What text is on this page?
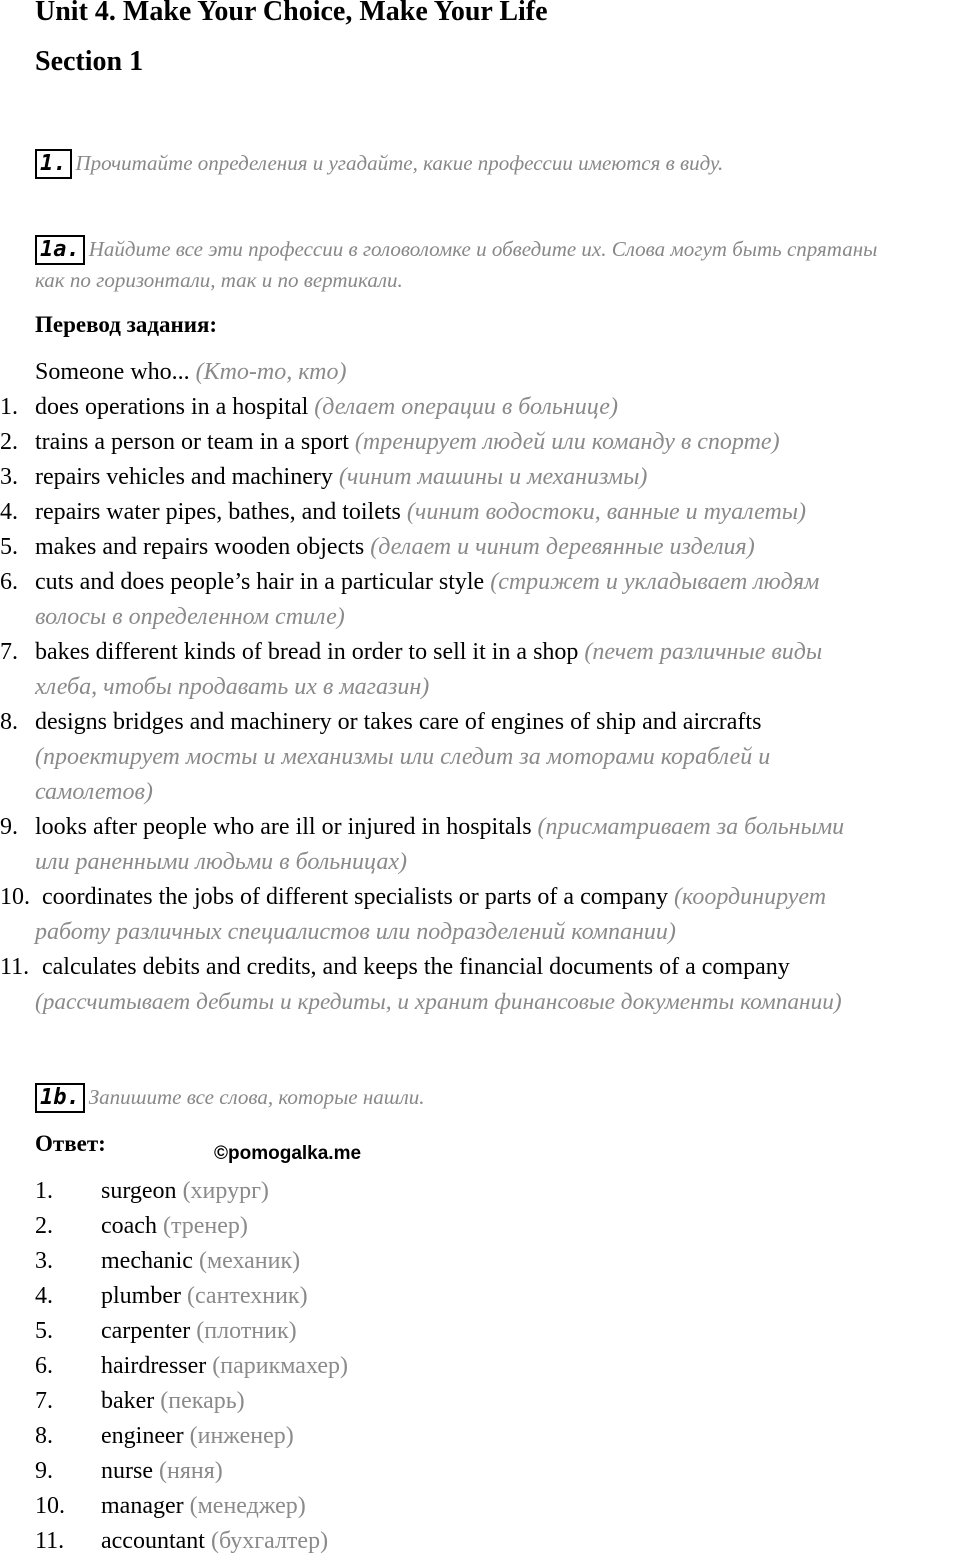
Unit 4. Make Your Choice, Make Your Life
Section 1
1. Прочитайте определения и угадайте, какие профессии имеются в виду.
1a. Найдите все эти профессии в головоломке и обведите их. Слова могут быть спрятаны
как по горизонтали, так и по вертикали.
Перевод задания:
Someone who... (Кто-то, кто)
1. does operations in a hospital (делает операции в больнице)
2. trains a person or team in a sport (тренирует людей или команду в спорте)
3. repairs vehicles and machinery (чинит машины и механизмы)
4. repairs water pipes, bathes, and toilets (чинит водостоки, ванные и туалеты)
5. makes and repairs wooden objects (делает и чинит деревянные изделия)
6. cuts and does people’s hair in a particular style (стрижет и укладывает людям
волосы в определенном стиле)
7. bakes different kinds of bread in order to sell it in a shop (печет различные виды
хлеба, чтобы продавать их в магазин)
8. designs bridges and machinery or takes care of engines of ship and aircrafts
(проектирует мосты и механизмы или следит за моторами кораблей и
самолетов)
9. looks after people who are ill or injured in hospitals (присматривает за больными
или раненными людьми в больницах)
10. coordinates the jobs of different specialists or parts of a company (координирует
работу различных специалистов или подразделений компании)
11. calculates debits and credits, and keeps the financial documents of a company
(рассчитывает дебиты и кредиты, и хранит финансовые документы компании)
1b. Запишите все слова, которые нашли.
Ответ:	©pomogalka.me
1. surgeon (хирург)
2. coach (тренер)
3. mechanic (механик)
4. plumber (сантехник)
5. carpenter (плотник)
6. hairdresser (парикмахер)
7. baker (пекарь)
8. engineer (инженер)
9. nurse (няня)
10. manager (менеджер)
11. accountant (бухгалтер)
